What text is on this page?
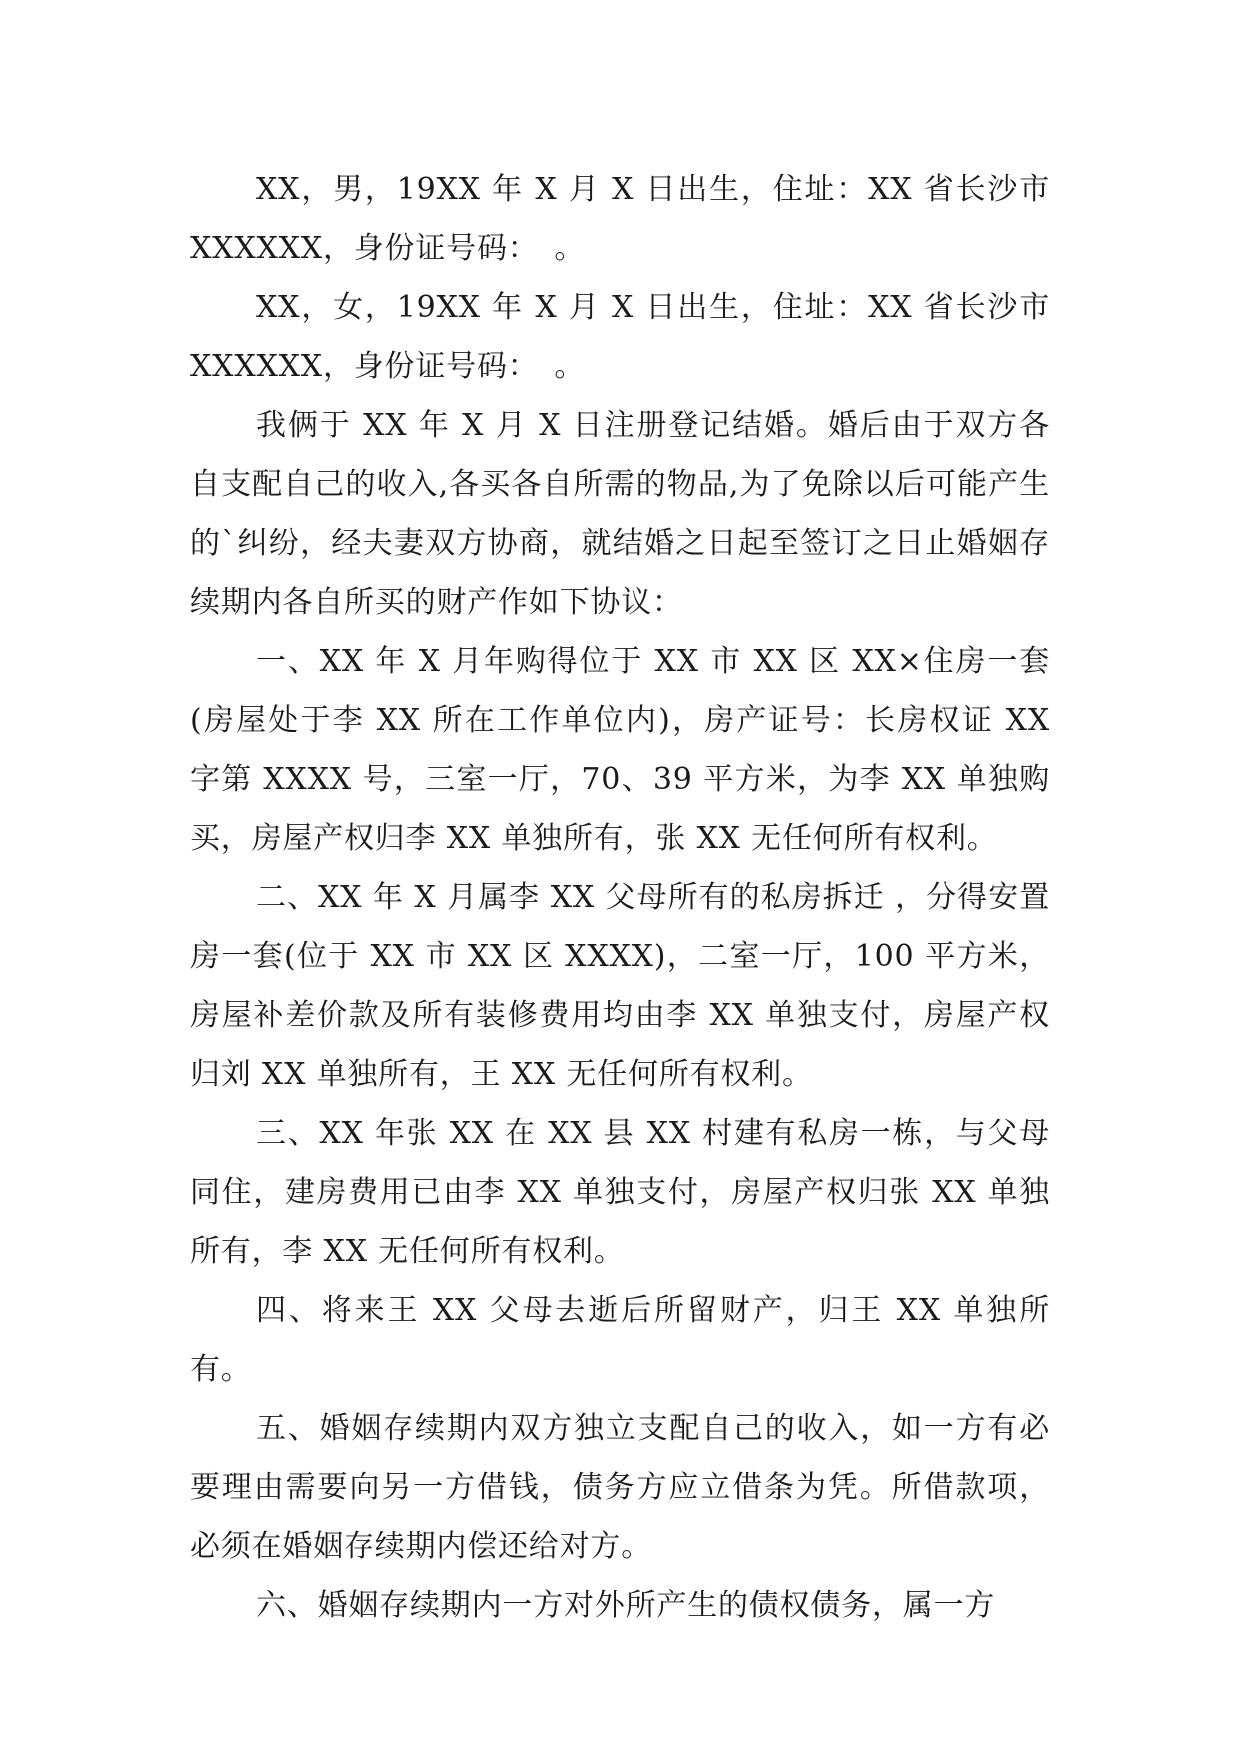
XX，男，19XX 年 X 月 X 日出生，住址：XX 省长沙市 XXXXXX，身份证号码：　。

XX，女，19XX 年 X 月 X 日出生，住址：XX 省长沙市 XXXXXX，身份证号码：　。

我俩于 XX 年 X 月 X 日注册登记结婚。婚后由于双方各自支配自己的收入,各买各自所需的物品,为了免除以后可能产生的`纠纷，经夫妻双方协商，就结婚之日起至签订之日止婚姻存续期内各自所买的财产作如下协议：

一、XX 年 X 月年购得位于 XX 市 XX 区 XX×住房一套(房屋处于李 XX 所在工作单位内)，房产证号：长房权证 XX 字第 XXXX 号，三室一厅，70、39 平方米，为李 XX 单独购买，房屋产权归李 XX 单独所有，张 XX 无任何所有权利。

二、XX 年 X 月属李 XX 父母所有的私房拆迁 ，分得安置房一套(位于 XX 市 XX 区 XXXX)，二室一厅，100 平方米，房屋补差价款及所有装修费用均由李 XX 单独支付，房屋产权归刘 XX 单独所有，王 XX 无任何所有权利。

三、XX 年张 XX 在 XX 县 XX 村建有私房一栋，与父母同住，建房费用已由李 XX 单独支付，房屋产权归张 XX 单独所有，李 XX 无任何所有权利。

四、将来王 XX 父母去逝后所留财产，归王 XX 单独所有。

五、婚姻存续期内双方独立支配自己的收入，如一方有必要理由需要向另一方借钱，债务方应立借条为凭。所借款项，必须在婚姻存续期内偿还给对方。

六、婚姻存续期内一方对外所产生的债权债务，属一方
